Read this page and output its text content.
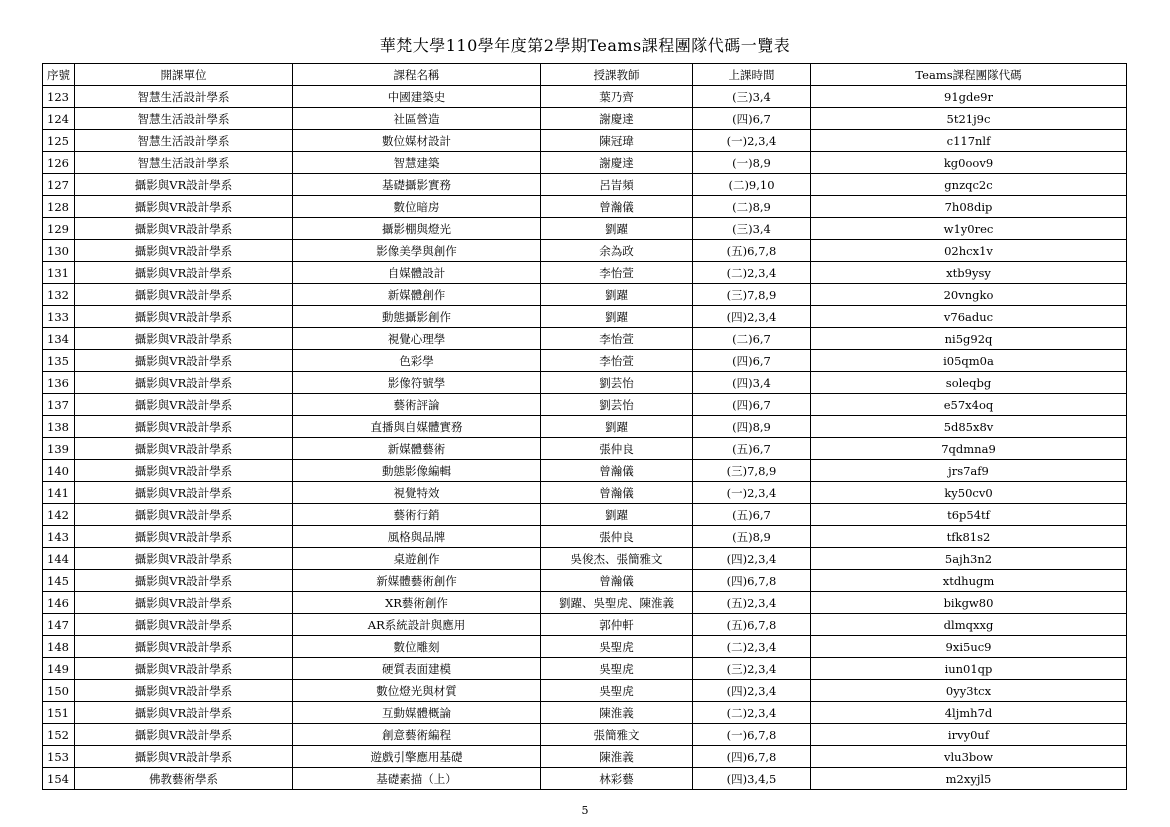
華梵大學110學年度第2學期Teams課程團隊代碼一覽表
序號	開課單位	課程名稱	授課教師	上課時間	Teams課程團隊代碼
123	智慧生活設計學系	中國建築史	葉乃齊	(三)3,4	91gde9r
124	智慧生活設計學系	社區營造	謝慶達	(四)6,7	5t21j9c
125	智慧生活設計學系	數位媒材設計	陳冠瑋	(一)2,3,4	c117nlf
126	智慧生活設計學系	智慧建築	謝慶達	(一)8,9	kg0oov9
127	攝影與VR設計學系	基礎攝影實務	呂峕頻	(二)9,10	gnzqc2c
128	攝影與VR設計學系	數位暗房	曾瀚儀	(二)8,9	7h08dip
129	攝影與VR設計學系	攝影棚與燈光	劉躍	(三)3,4	w1y0rec
130	攝影與VR設計學系	影像美學與創作	余為政	(五)6,7,8	02hcx1v
131	攝影與VR設計學系	自媒體設計	李怡萱	(二)2,3,4	xtb9ysy
132	攝影與VR設計學系	新媒體創作	劉躍	(三)7,8,9	20vngko
133	攝影與VR設計學系	動態攝影創作	劉躍	(四)2,3,4	v76aduc
134	攝影與VR設計學系	視覺心理學	李怡萱	(二)6,7	ni5g92q
135	攝影與VR設計學系	色彩學	李怡萱	(四)6,7	i05qm0a
136	攝影與VR設計學系	影像符號學	劉芸怡	(四)3,4	soleqbg
137	攝影與VR設計學系	藝術評論	劉芸怡	(四)6,7	e57x4oq
138	攝影與VR設計學系	直播與自媒體實務	劉躍	(四)8,9	5d85x8v
139	攝影與VR設計學系	新媒體藝術	張仲良	(五)6,7	7qdmna9
140	攝影與VR設計學系	動態影像編輯	曾瀚儀	(三)7,8,9	jrs7af9
141	攝影與VR設計學系	視覺特效	曾瀚儀	(一)2,3,4	ky50cv0
142	攝影與VR設計學系	藝術行銷	劉躍	(五)6,7	t6p54tf
143	攝影與VR設計學系	風格與品牌	張仲良	(五)8,9	tfk81s2
144	攝影與VR設計學系	桌遊創作	吳俊杰、張簡雅文	(四)2,3,4	5ajh3n2
145	攝影與VR設計學系	新媒體藝術創作	曾瀚儀	(四)6,7,8	xtdhugm
146	攝影與VR設計學系	XR藝術創作	劉躍、吳聖虎、陳淮義	(五)2,3,4	bikgw80
147	攝影與VR設計學系	AR系統設計與應用	郭仲軒	(五)6,7,8	dlmqxxg
148	攝影與VR設計學系	數位雕刻	吳聖虎	(二)2,3,4	9xi5uc9
149	攝影與VR設計學系	硬質表面建模	吳聖虎	(三)2,3,4	iun01qp
150	攝影與VR設計學系	數位燈光與材質	吳聖虎	(四)2,3,4	0yy3tcx
151	攝影與VR設計學系	互動媒體概論	陳淮義	(二)2,3,4	4ljmh7d
152	攝影與VR設計學系	創意藝術編程	張簡雅文	(一)6,7,8	irvy0uf
153	攝影與VR設計學系	遊戲引擎應用基礎	陳淮義	(四)6,7,8	vlu3bow
154	佛教藝術學系	基礎素描（上）	林彩藝	(四)3,4,5	m2xyjl5
5
